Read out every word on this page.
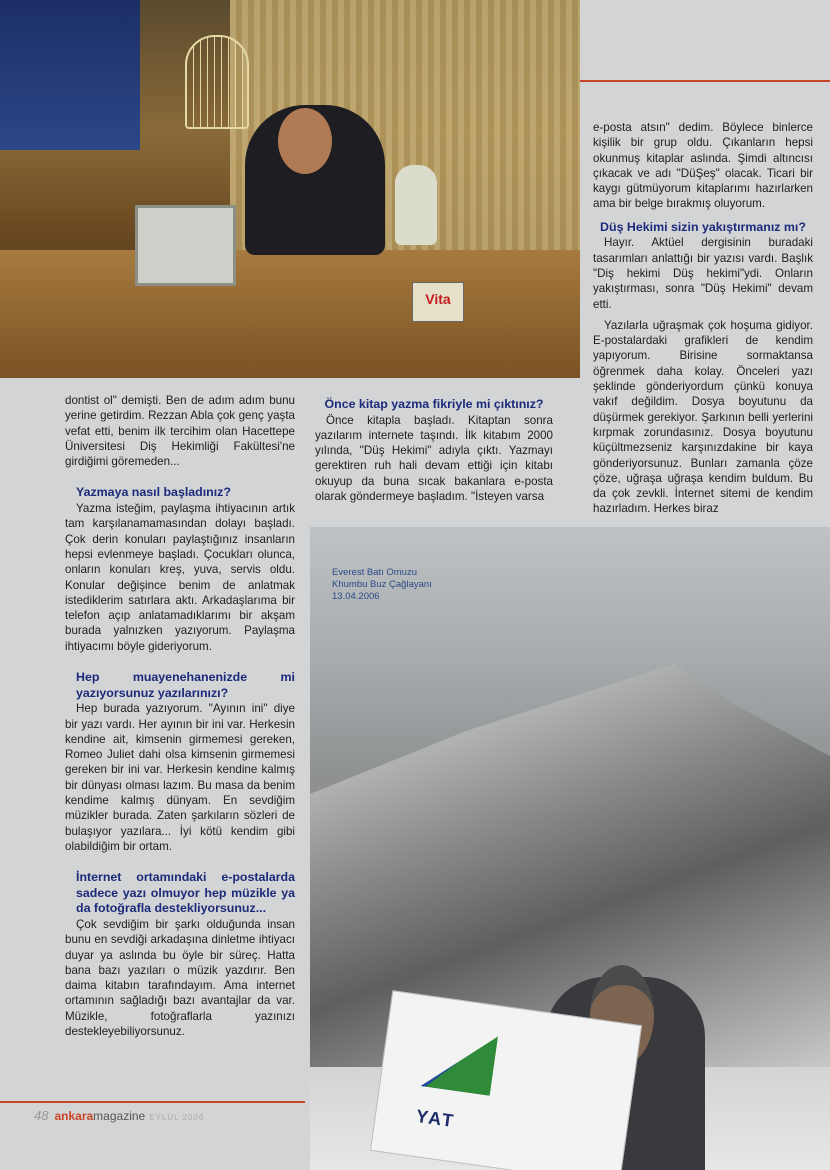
Vita

e-posta atsın" dedim. Böylece binlerce kişilik bir grup oldu. Çıkanların hepsi okunmuş kitaplar aslında. Şimdi altıncısı çıkacak ve adı "DüŞeş" olacak. Ticari bir kaygı gütmüyorum kitaplarımı hazırlarken ama bir belge bırakmış oluyorum.

Düş Hekimi sizin yakıştırmanız mı?

Hayır. Aktüel dergisinin buradaki tasarımları anlattığı bir yazısı vardı. Başlık "Diş hekimi Düş hekimi"ydi. Onların yakıştırması, sonra "Düş Hekimi" devam etti.

Yazılarla uğraşmak çok hoşuma gidiyor. E-postalardaki grafikleri de kendim yapıyorum. Birisine sormaktansa öğrenmek daha kolay. Önceleri yazı şeklinde gönderiyordum çünkü konuya vakıf değildim. Dosya boyutunu da düşürmek gerekiyor. Şarkının belli yerlerini kırpmak zorundasınız. Dosya boyutunu küçültmezseniz karşınızdakine bir kaya gönderiyorsunuz. Bunları zamanla çöze çöze, uğraşa uğraşa kendim buldum. Bu da çok zevkli. İnternet sitemi de kendim hazırladım. Herkes biraz

dontist ol" demişti. Ben de adım adım bunu yerine getirdim. Rezzan Abla çok genç yaşta vefat etti, benim ilk tercihim olan Hacettepe Üniversitesi Diş Hekimliği Fakültesi'ne girdiğimi göremeden...

Yazmaya nasıl başladınız?

Yazma isteğim, paylaşma ihtiyacının artık tam karşılanamamasından dolayı başladı. Çok derin konuları paylaştığınız insanların hepsi evlenmeye başladı. Çocukları olunca, onların konuları kreş, yuva, servis oldu. Konular değişince benim de anlatmak istediklerim satırlara aktı. Arkadaşlarıma bir telefon açıp anlatamadıklarımı bir akşam burada yalnızken yazıyorum. Paylaşma ihtiyacımı böyle gideriyorum.

Hep muayenehanenizde mi yazıyorsunuz yazılarınızı?

Hep burada yazıyorum. "Ayının ini" diye bir yazı vardı. Her ayının bir ini var. Herkesin kendine ait, kimsenin girmemesi gereken, Romeo Juliet dahi olsa kimsenin girmemesi gereken bir ini var. Herkesin kendine kalmış bir dünyası olması lazım. Bu masa da benim kendime kalmış dünyam. En sevdiğim müzikler burada. Zaten şarkıların sözleri de bulaşıyor yazılara... İyi kötü kendim gibi olabildiğim bir ortam.

İnternet ortamındaki e-postalarda sadece yazı olmuyor hep müzikle ya da fotoğrafla destekliyorsunuz...

Çok sevdiğim bir şarkı olduğunda insan bunu en sevdiği arkadaşına dinletme ihtiyacı duyar ya aslında bu öyle bir süreç. Hatta bana bazı yazıları o müzik yazdırır. Ben daima kitabın tarafındayım. Ama internet ortamının sağladığı bazı avantajlar da var. Müzikle, fotoğraflarla yazınızı destekleyebiliyorsunuz.

Önce kitap yazma fikriyle mi çıktınız?

Önce kitapla başladı. Kitaptan sonra yazılarım internete taşındı. İlk kitabım 2000 yılında, "Düş Hekimi" adıyla çıktı. Yazmayı gerektiren ruh hali devam ettiği için kitabı okuyup da buna sıcak bakanlara e-posta olarak göndermeye başladım. "İsteyen varsa

Everest Batı Omuzu
Khumbu Buz Çağlayanı
13.04.2006
YAT
48 ankaramagazine EYLÜL 2006
